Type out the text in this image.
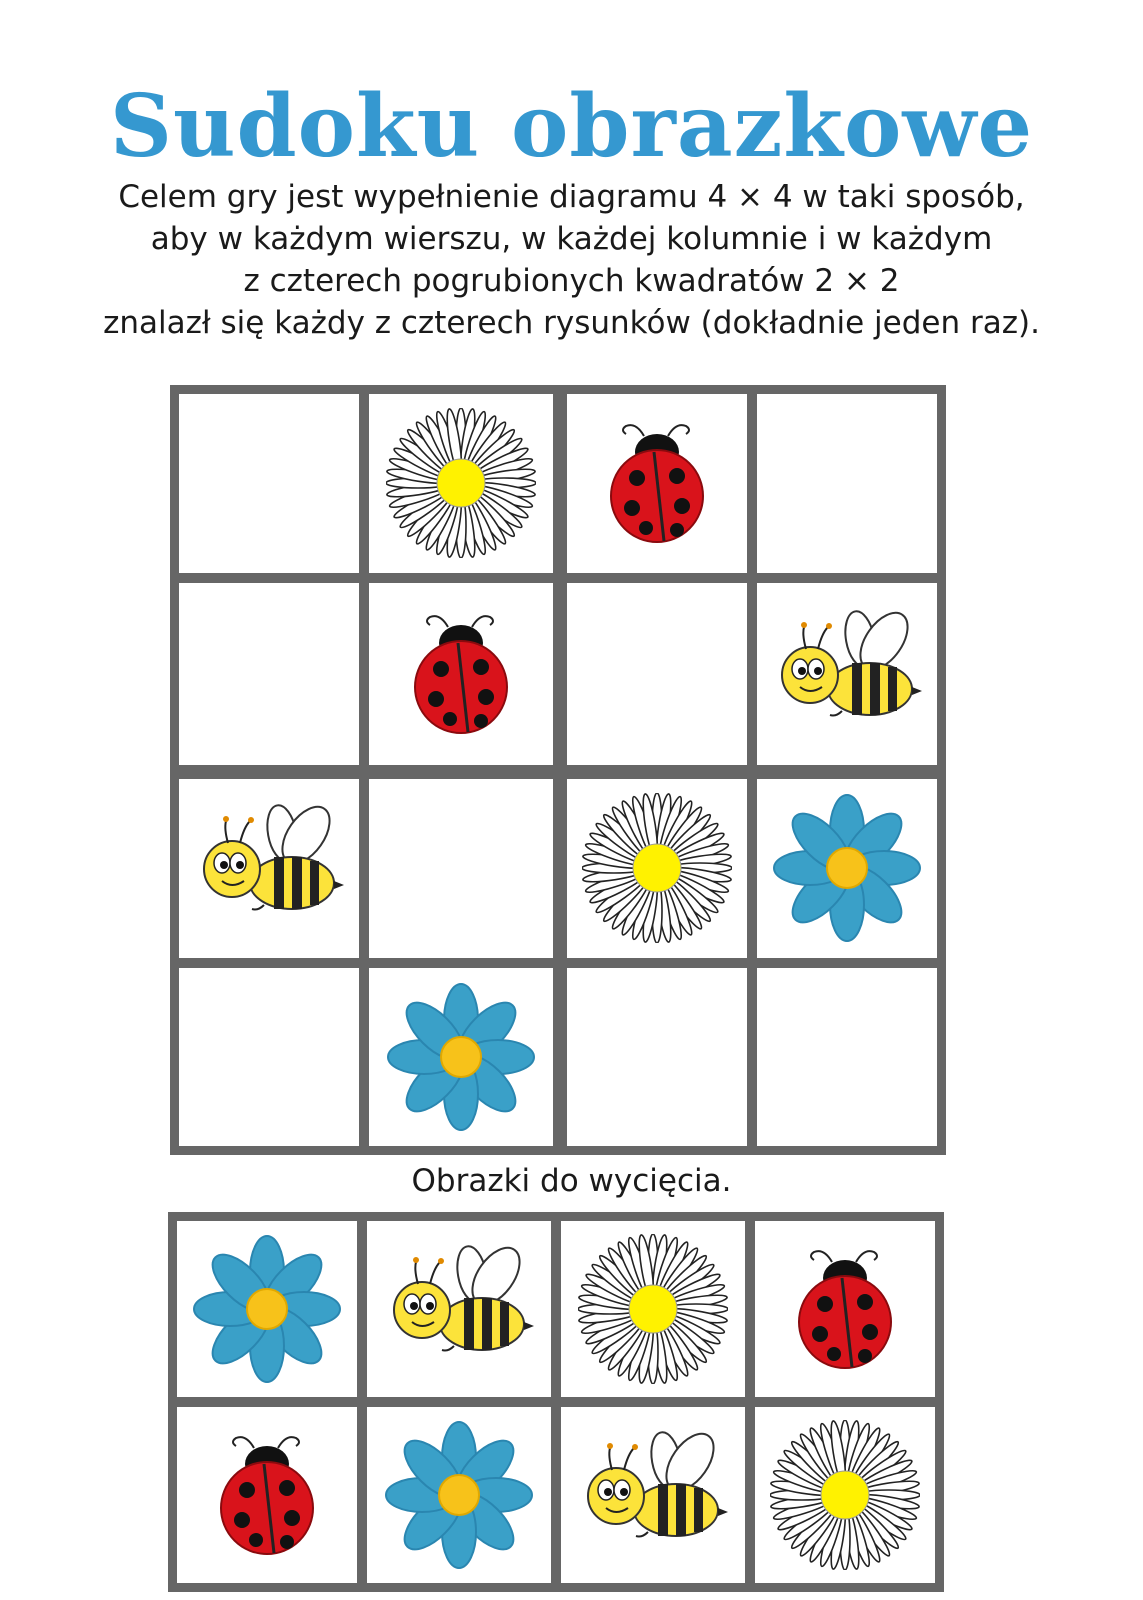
Sudoku obrazkowe
Celem gry jest wypełnienie diagramu 4 × 4 w taki sposób,
aby w każdym wierszu, w każdej kolumnie i w każdym
z czterech pogrubionych kwadratów 2 × 2
znalazł się każdy z czterech rysunków (dokładnie jeden raz).

Obrazki do wycięcia.
